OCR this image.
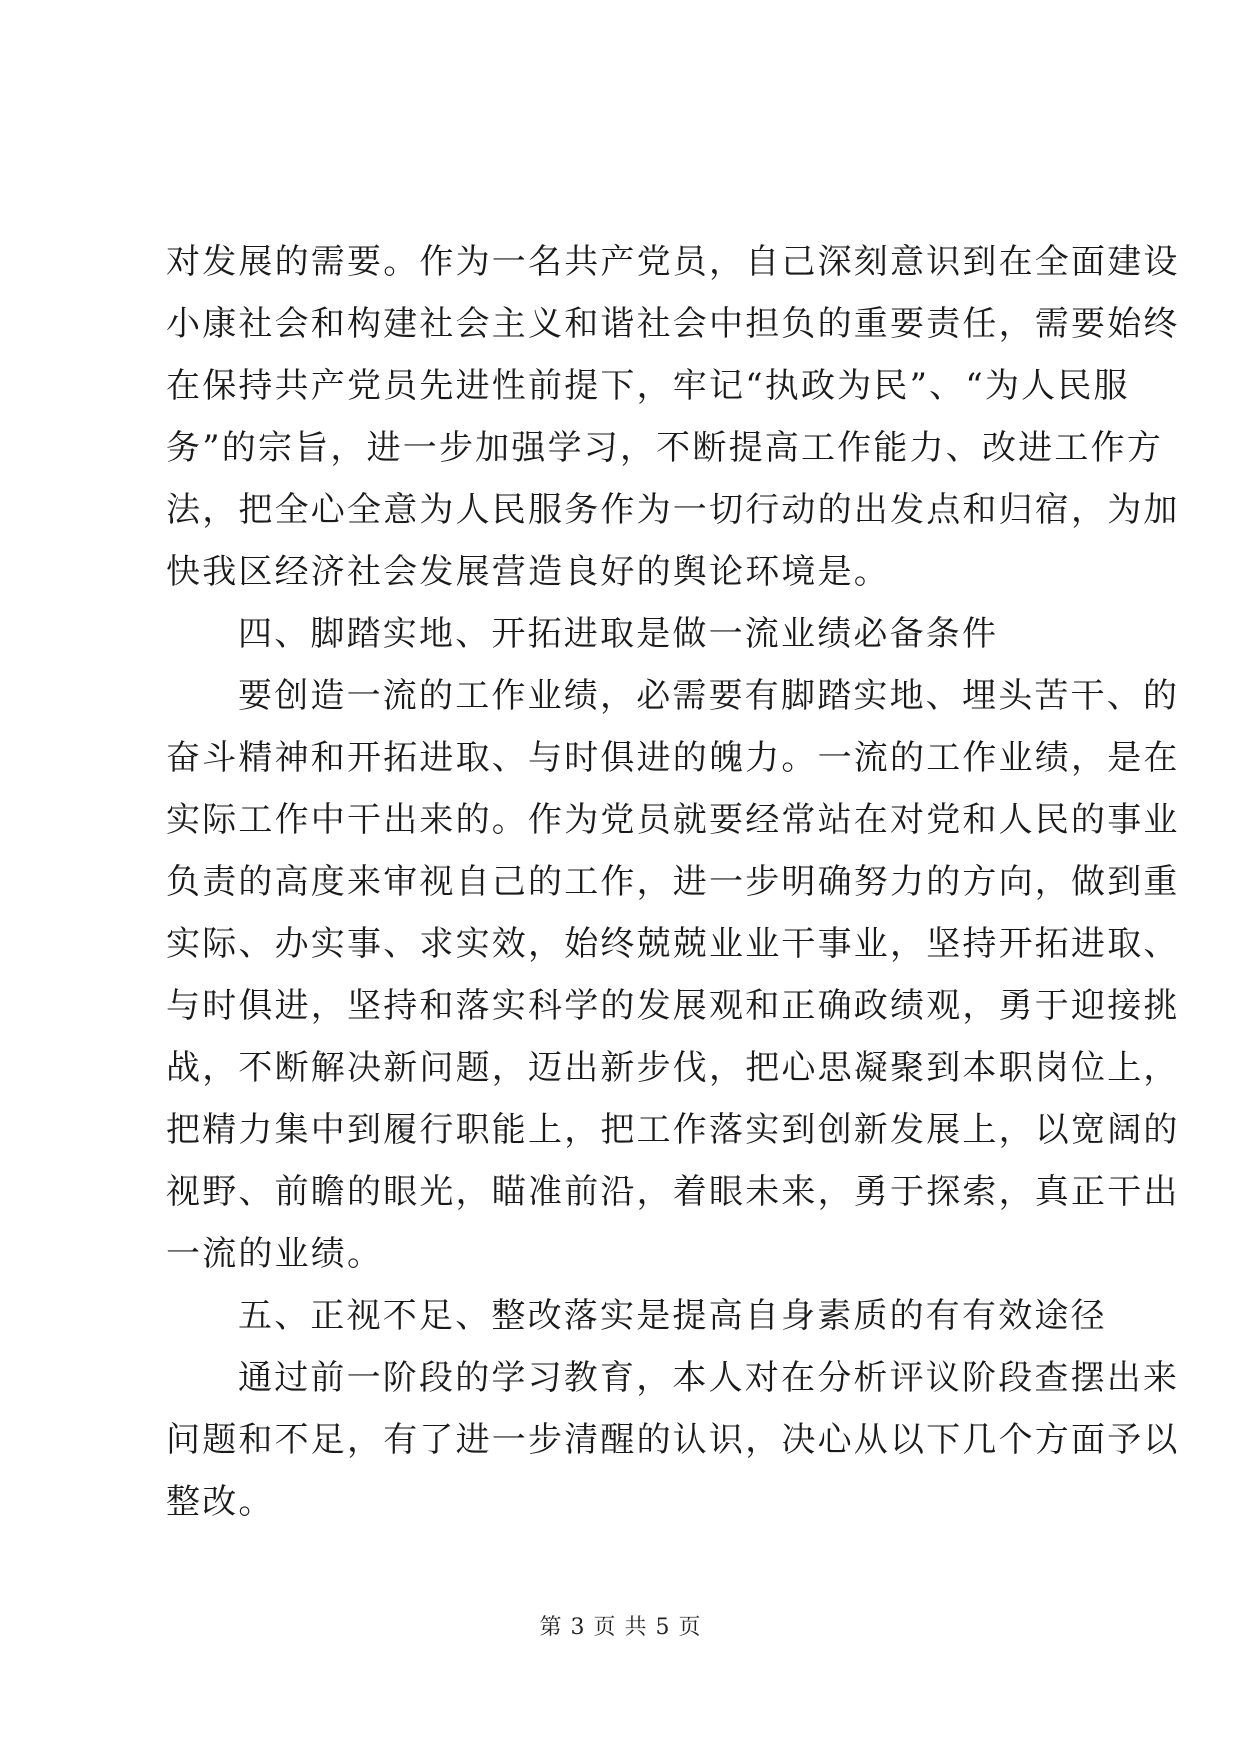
对发展的需要。作为一名共产党员，自己深刻意识到在全面建设
小康社会和构建社会主义和谐社会中担负的重要责任，需要始终
在保持共产党员先进性前提下，牢记“执政为民”、“为人民服
务”的宗旨，进一步加强学习，不断提高工作能力、改进工作方
法，把全心全意为人民服务作为一切行动的出发点和归宿，为加
快我区经济社会发展营造良好的舆论环境是。
四、脚踏实地、开拓进取是做一流业绩必备条件
要创造一流的工作业绩，必需要有脚踏实地、埋头苦干、的
奋斗精神和开拓进取、与时俱进的魄力。一流的工作业绩，是在
实际工作中干出来的。作为党员就要经常站在对党和人民的事业
负责的高度来审视自己的工作，进一步明确努力的方向，做到重
实际、办实事、求实效，始终兢兢业业干事业，坚持开拓进取、
与时俱进，坚持和落实科学的发展观和正确政绩观，勇于迎接挑
战，不断解决新问题，迈出新步伐，把心思凝聚到本职岗位上，
把精力集中到履行职能上，把工作落实到创新发展上，以宽阔的
视野、前瞻的眼光，瞄准前沿，着眼未来，勇于探索，真正干出
一流的业绩。
五、正视不足、整改落实是提高自身素质的有有效途径
通过前一阶段的学习教育，本人对在分析评议阶段查摆出来
问题和不足，有了进一步清醒的认识，决心从以下几个方面予以
整改。
第 3 页 共 5 页
